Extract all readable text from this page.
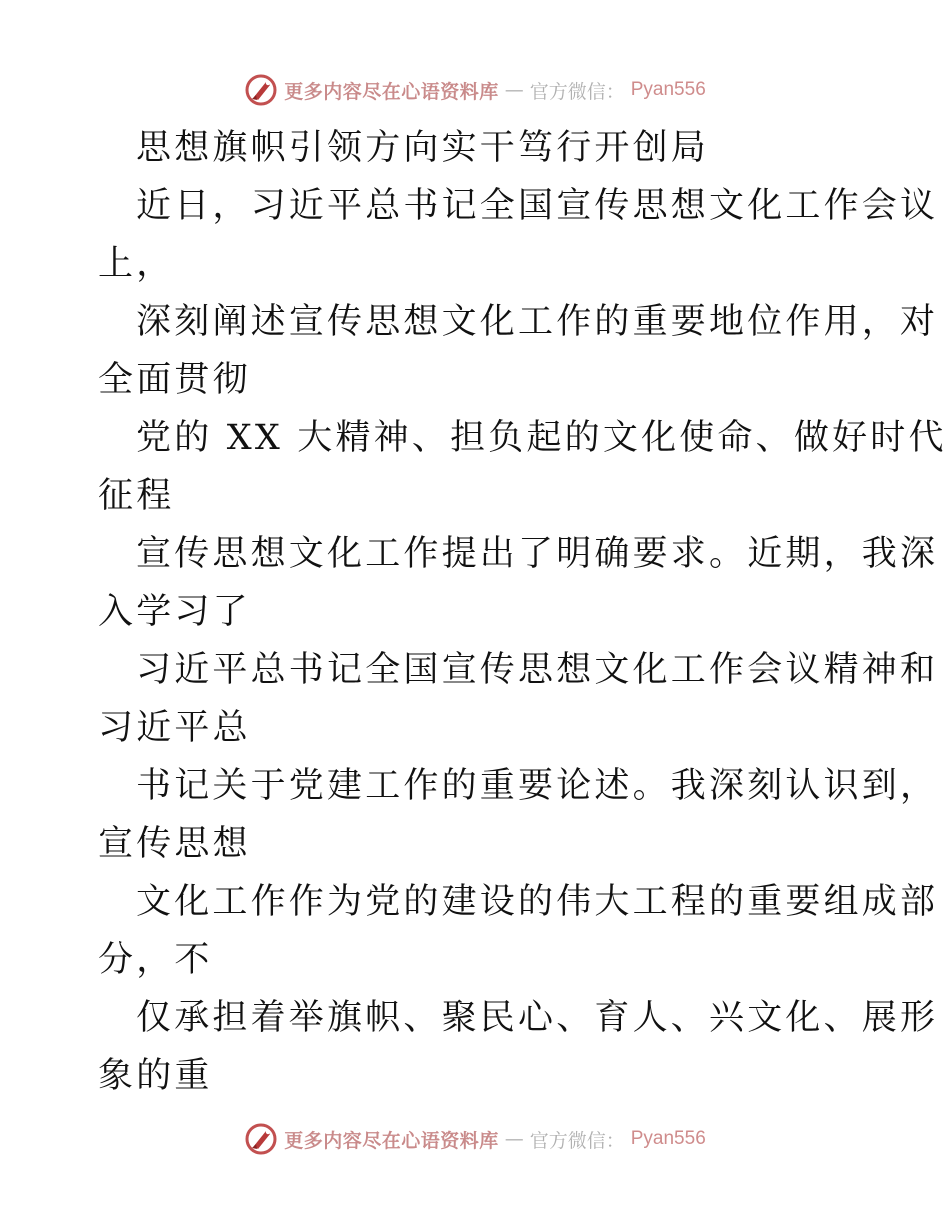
更多内容尽在心语资料库 — 官方微信： Pyan556
思想旗帜引领方向实干笃行开创局
近日，习近平总书记全国宣传思想文化工作会议
上，
深刻阐述宣传思想文化工作的重要地位作用，对
全面贯彻
党的 XX 大精神、担负起的文化使命、做好时代
征程
宣传思想文化工作提出了明确要求。近期，我深
入学习了
习近平总书记全国宣传思想文化工作会议精神和
习近平总
书记关于党建工作的重要论述。我深刻认识到，
宣传思想
文化工作作为党的建设的伟大工程的重要组成部
分，不
仅承担着举旗帜、聚民心、育人、兴文化、展形
象的重
更多内容尽在心语资料库 — 官方微信： Pyan556
